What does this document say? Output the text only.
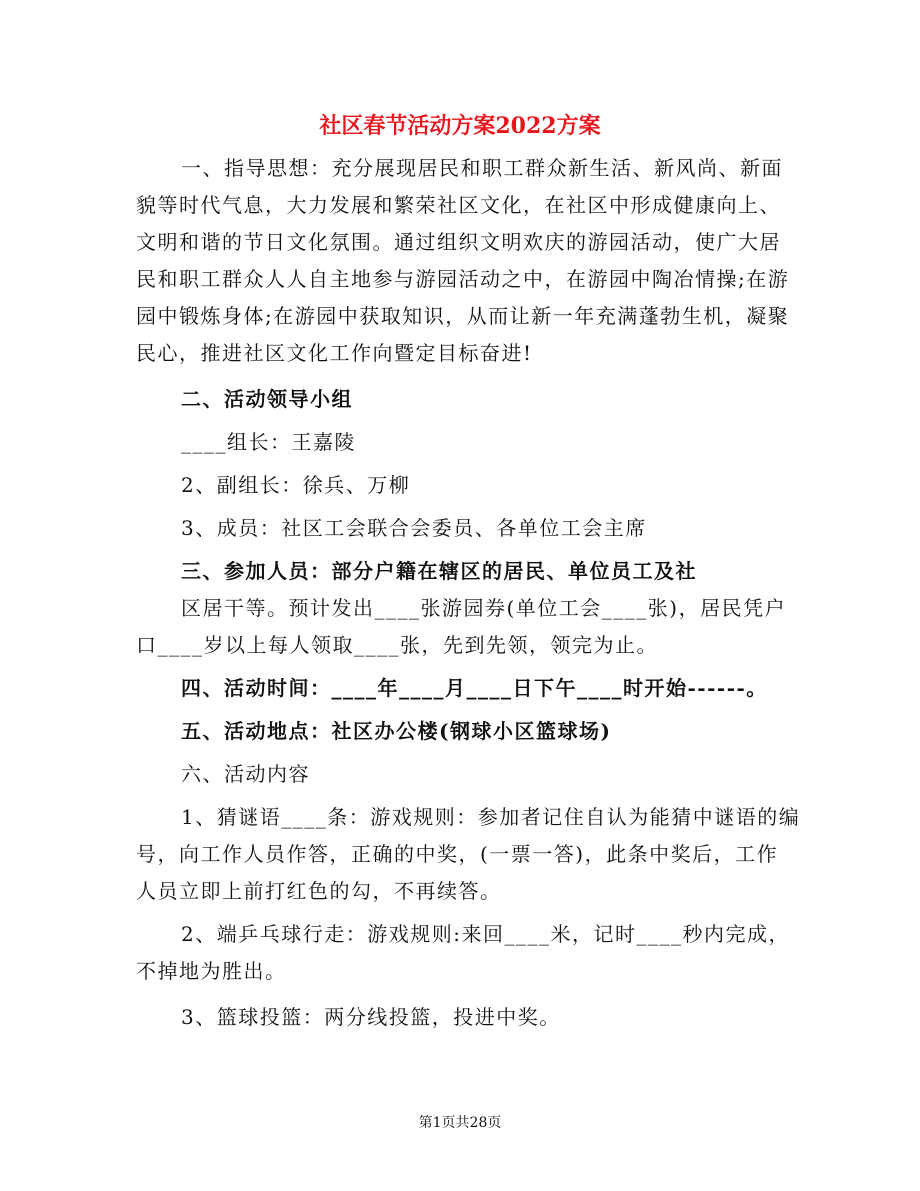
社区春节活动方案2022方案

一、指导思想：充分展现居民和职工群众新生活、新风尚、新面

貌等时代气息，大力发展和繁荣社区文化，在社区中形成健康向上、

文明和谐的节日文化氛围。通过组织文明欢庆的游园活动，使广大居

民和职工群众人人自主地参与游园活动之中，在游园中陶冶情操;在游

园中锻炼身体;在游园中获取知识，从而让新一年充满蓬勃生机，凝聚

民心，推进社区文化工作向暨定目标奋进!

二、活动领导小组

____组长：王嘉陵

2、副组长：徐兵、万柳

3、成员：社区工会联合会委员、各单位工会主席

三、参加人员：部分户籍在辖区的居民、单位员工及社

区居干等。预计发出____张游园券(单位工会____张)，居民凭户

口____岁以上每人领取____张，先到先领，领完为止。

四、活动时间：____年____月____日下午____时开始------。

五、活动地点：社区办公楼(钢球小区篮球场)

六、活动内容

1、猜谜语____条：游戏规则：参加者记住自认为能猜中谜语的编

号，向工作人员作答，正确的中奖，(一票一答)，此条中奖后，工作

人员立即上前打红色的勾，不再续答。

2、端乒乓球行走：游戏规则:来回____米，记时____秒内完成，

不掉地为胜出。

3、篮球投篮：两分线投篮，投进中奖。

第1页共28页
